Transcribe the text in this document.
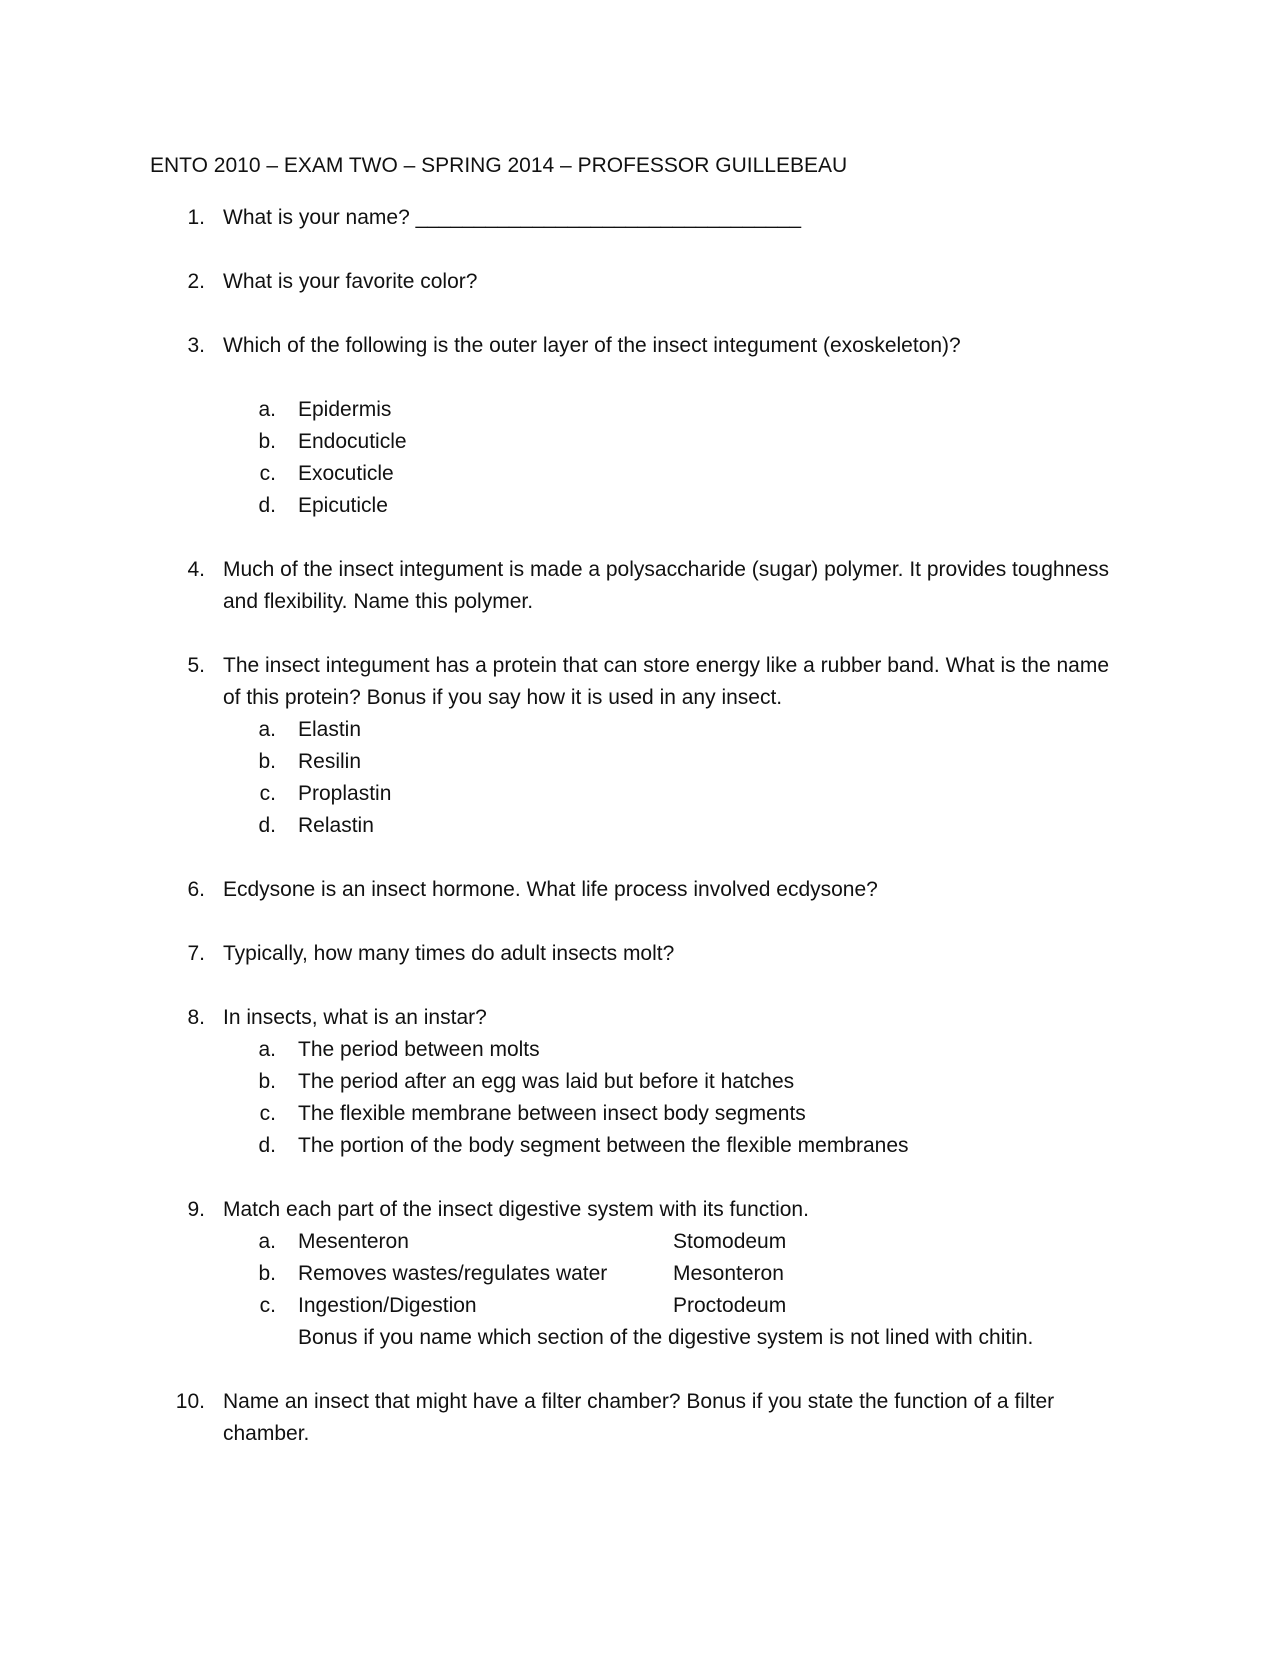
ENTO 2010 – EXAM TWO – SPRING 2014 – PROFESSOR GUILLEBEAU
1. What is your name? _________________________________
2. What is your favorite color?
3. Which of the following is the outer layer of the insect integument (exoskeleton)?
a. Epidermis
b. Endocuticle
c. Exocuticle
d. Epicuticle
4. Much of the insect integument is made a polysaccharide (sugar) polymer. It provides toughness
and flexibility. Name this polymer.
5. The insect integument has a protein that can store energy like a rubber band. What is the name
of this protein? Bonus if you say how it is used in any insect.
a. Elastin
b. Resilin
c. Proplastin
d. Relastin
6. Ecdysone is an insect hormone. What life process involved ecdysone?
7. Typically, how many times do adult insects molt?
8. In insects, what is an instar?
a. The period between molts
b. The period after an egg was laid but before it hatches
c. The flexible membrane between insect body segments
d. The portion of the body segment between the flexible membranes
9. Match each part of the insect digestive system with its function.
a. Mesenteron	Stomodeum
b. Removes wastes/regulates water	Mesonteron
c. Ingestion/Digestion	Proctodeum
Bonus if you name which section of the digestive system is not lined with chitin.
10. Name an insect that might have a filter chamber? Bonus if you state the function of a filter
chamber.
